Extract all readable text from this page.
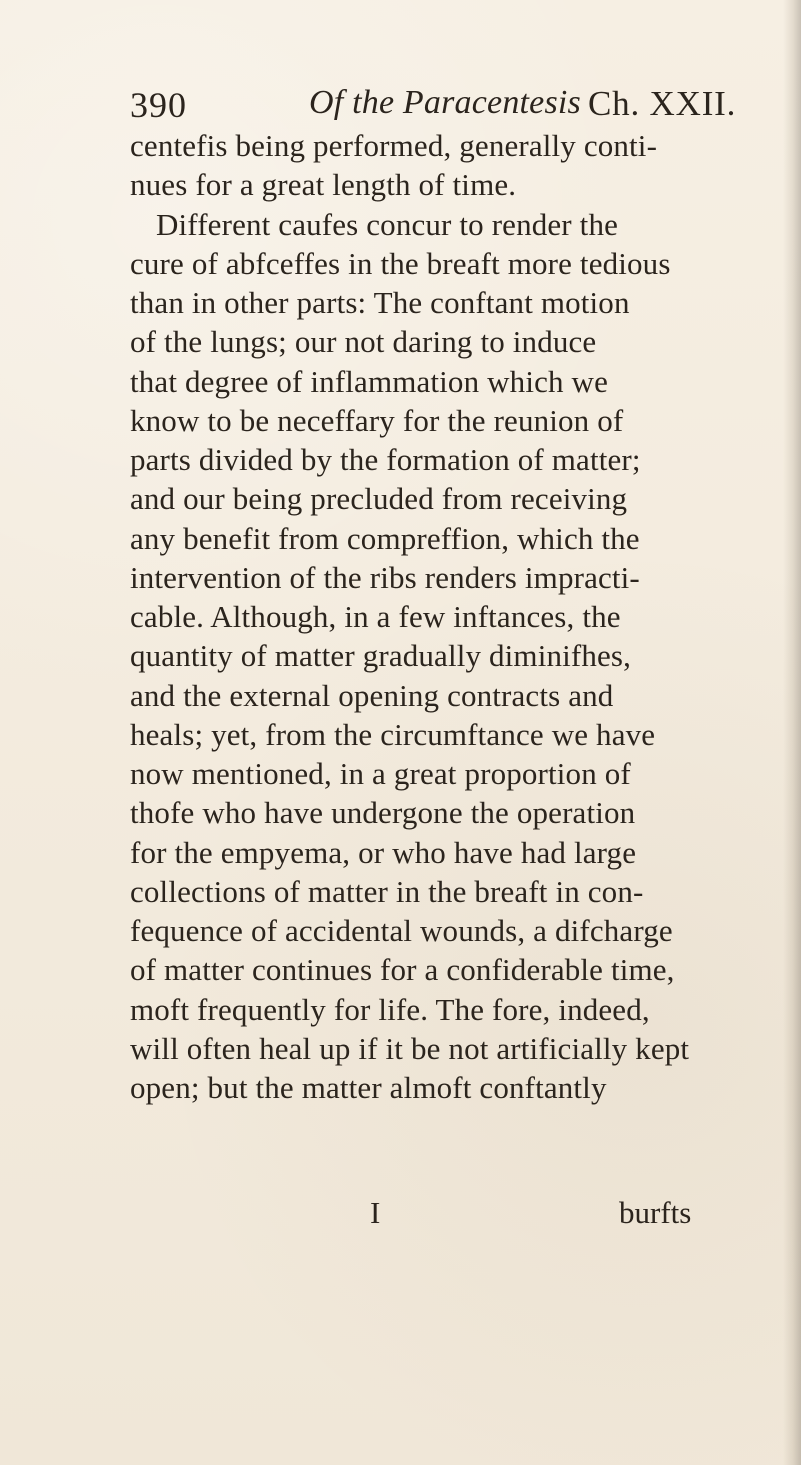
390	Of the Paracentesis Ch. XXII.
centefis being performed, generally conti-
nues for a great length of time.
Different caufes concur to render the
cure of abfceffes in the breaft more tedious
than in other parts: The conftant motion
of the lungs; our not daring to induce
that degree of inflammation which we
know to be neceffary for the reunion of
parts divided by the formation of matter;
and our being precluded from receiving
any benefit from compreffion, which the
intervention of the ribs renders impracti-
cable. Although, in a few inftances, the
quantity of matter gradually diminifhes,
and the external opening contracts and
heals; yet, from the circumftance we have
now mentioned, in a great proportion of
thofe who have undergone the operation
for the empyema, or who have had large
collections of matter in the breaft in con-
fequence of accidental wounds, a difcharge
of matter continues for a confiderable time,
moft frequently for life. The fore, indeed,
will often heal up if it be not artificially kept
open; but the matter almoft conftantly
I	burfts
